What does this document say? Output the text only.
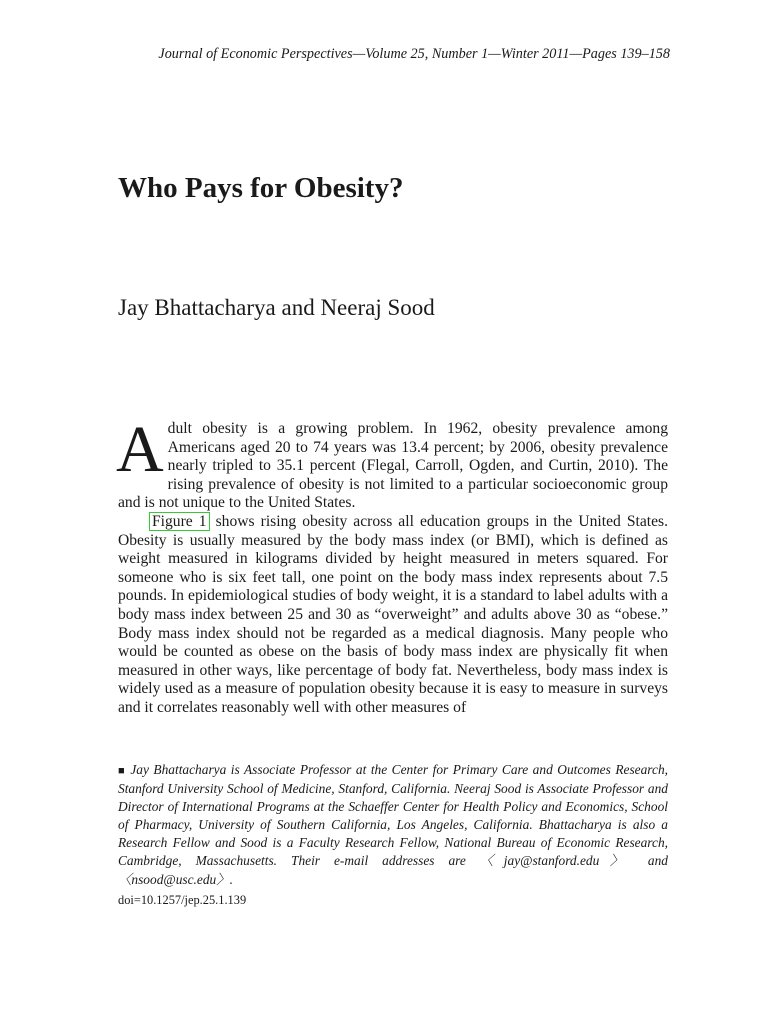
Journal of Economic Perspectives—Volume 25, Number 1—Winter 2011—Pages 139–158
Who Pays for Obesity?
Jay Bhattacharya and Neeraj Sood

Adult obesity is a growing problem. In 1962, obesity prevalence among Americans aged 20 to 74 years was 13.4 percent; by 2006, obesity prevalence nearly tripled to 35.1 percent (Flegal, Carroll, Ogden, and Curtin, 2010). The rising prevalence of obesity is not limited to a particular socioeconomic group and is not unique to the United States.

Figure 1 shows rising obesity across all education groups in the United States. Obesity is usually measured by the body mass index (or BMI), which is defined as weight measured in kilograms divided by height measured in meters squared. For someone who is six feet tall, one point on the body mass index represents about 7.5 pounds. In epidemiological studies of body weight, it is a standard to label adults with a body mass index between 25 and 30 as “overweight” and adults above 30 as “obese.” Body mass index should not be regarded as a medical diagnosis. Many people who would be counted as obese on the basis of body mass index are physically fit when measured in other ways, like percentage of body fat. Nevertheless, body mass index is widely used as a measure of population obesity because it is easy to measure in surveys and it correlates reasonably well with other measures of

■ Jay Bhattacharya is Associate Professor at the Center for Primary Care and Outcomes Research, Stanford University School of Medicine, Stanford, California. Neeraj Sood is Associate Professor and Director of International Programs at the Schaeffer Center for Health Policy and Economics, School of Pharmacy, University of Southern California, Los Angeles, California. Bhattacharya is also a Research Fellow and Sood is a Faculty Research Fellow, National Bureau of Economic Research, Cambridge, Massachusetts. Their e-mail addresses are 〈jay@stanford.edu〉 and 〈nsood@usc.edu〉.
doi=10.1257/jep.25.1.139
